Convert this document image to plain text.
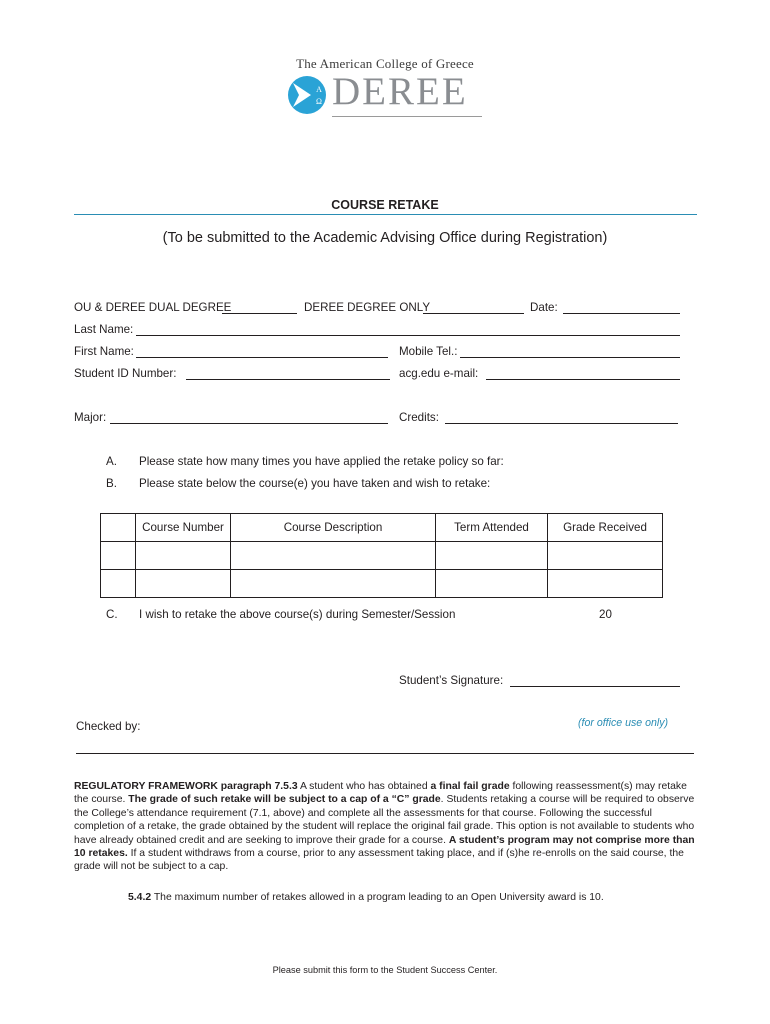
The American College of Greece
A
Ω DEREE
COURSE RETAKE
(To be submitted to the Academic Advising Office during Registration)
OU & DEREE DUAL DEGREE	DEREE DEGREE ONLY	Date:
Last Name:
First Name:	Mobile Tel.:
Student ID Number:	acg.edu e-mail:
Major:	Credits:
A. Please state how many times you have applied the retake policy so far:
B. Please state below the course(e) you have taken and wish to retake:
	Course Number	Course Description	Term Attended	Grade Received

C. I wish to retake the above course(s) during Semester/Session	20
Student’s Signature:
Checked by:	(for office use only)
REGULATORY FRAMEWORK paragraph 7.5.3 A student who has obtained a final fail grade following reassessment(s) may retake the course. The grade of such retake will be subject to a cap of a “C” grade. Students retaking a course will be required to observe the College’s attendance requirement (7.1, above) and complete all the assessments for that course. Following the successful completion of a retake, the grade obtained by the student will replace the original fail grade. This option is not available to students who have already obtained credit and are seeking to improve their grade for a course. A student’s program may not comprise more than 10 retakes. If a student withdraws from a course, prior to any assessment taking place, and if (s)he re-enrolls on the said course, the grade will not be subject to a cap.
5.4.2 The maximum number of retakes allowed in a program leading to an Open University award is 10.
Please submit this form to the Student Success Center.
